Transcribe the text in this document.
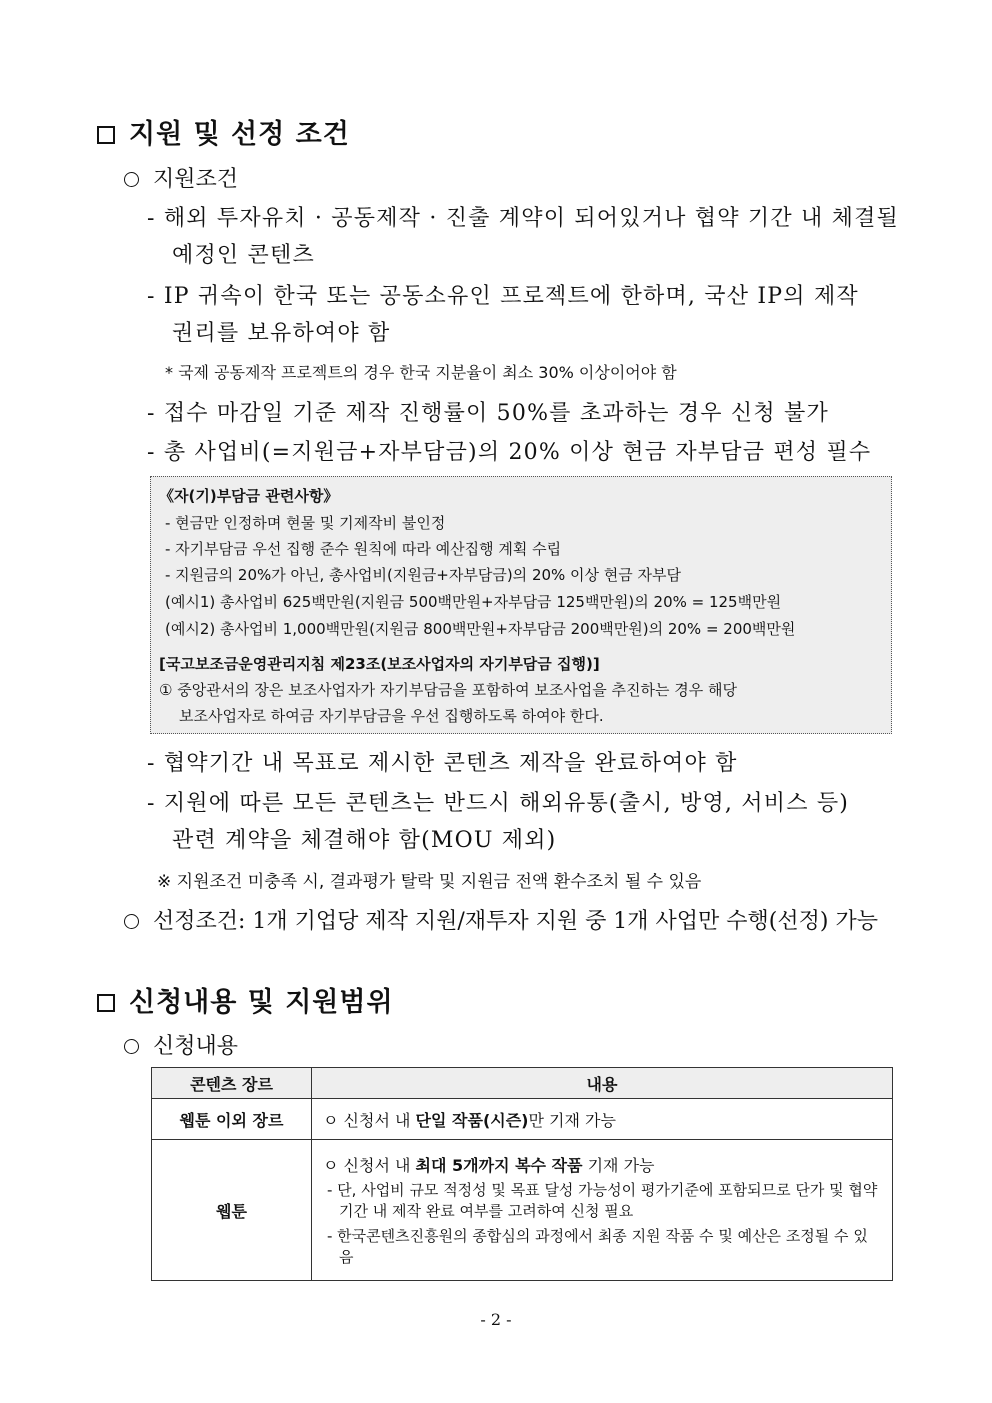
지원 및 선정 조건
지원조건
- 해외 투자유치 · 공동제작 · 진출 계약이 되어있거나 협약 기간 내 체결될
예정인 콘텐츠
- IP 귀속이 한국 또는 공동소유인 프로젝트에 한하며, 국산 IP의 제작
권리를 보유하여야 함
* 국제 공동제작 프로젝트의 경우 한국 지분율이 최소 30% 이상이어야 함
- 접수 마감일 기준 제작 진행률이 50%를 초과하는 경우 신청 불가
- 총 사업비(=지원금+자부담금)의 20% 이상 현금 자부담금 편성 필수
《자(기)부담금 관련사항》
- 현금만 인정하며 현물 및 기제작비 불인정
- 자기부담금 우선 집행 준수 원칙에 따라 예산집행 계획 수립
- 지원금의 20%가 아닌, 총사업비(지원금+자부담금)의 20% 이상 현금 자부담
(예시1) 총사업비 625백만원(지원금 500백만원+자부담금 125백만원)의 20% = 125백만원
(예시2) 총사업비 1,000백만원(지원금 800백만원+자부담금 200백만원)의 20% = 200백만원
[국고보조금운영관리지침 제23조(보조사업자의 자기부담금 집행)]
① 중앙관서의 장은 보조사업자가 자기부담금을 포함하여 보조사업을 추진하는 경우 해당
보조사업자로 하여금 자기부담금을 우선 집행하도록 하여야 한다.
- 협약기간 내 목표로 제시한 콘텐츠 제작을 완료하여야 함
- 지원에 따른 모든 콘텐츠는 반드시 해외유통(출시, 방영, 서비스 등)
관련 계약을 체결해야 함(MOU 제외)
※ 지원조건 미충족 시, 결과평가 탈락 및 지원금 전액 환수조치 될 수 있음
선정조건: 1개 기업당 제작 지원/재투자 지원 중 1개 사업만 수행(선정) 가능
신청내용 및 지원범위
신청내용
콘텐츠 장르	내용
웹툰 이외 장르	ㅇ 신청서 내 단일 작품(시즌)만 기재 가능

웹툰	ㅇ 신청서 내 최대 5개까지 복수 작품 기재 가능
- 단, 사업비 규모 적정성 및 목표 달성 가능성이 평가기준에 포함되므로 단가 및 협약기간 내 제작 완료 여부를 고려하여 신청 필요
- 한국콘텐츠진흥원의 종합심의 과정에서 최종 지원 작품 수 및 예산은 조정될 수 있음
- 2 -
